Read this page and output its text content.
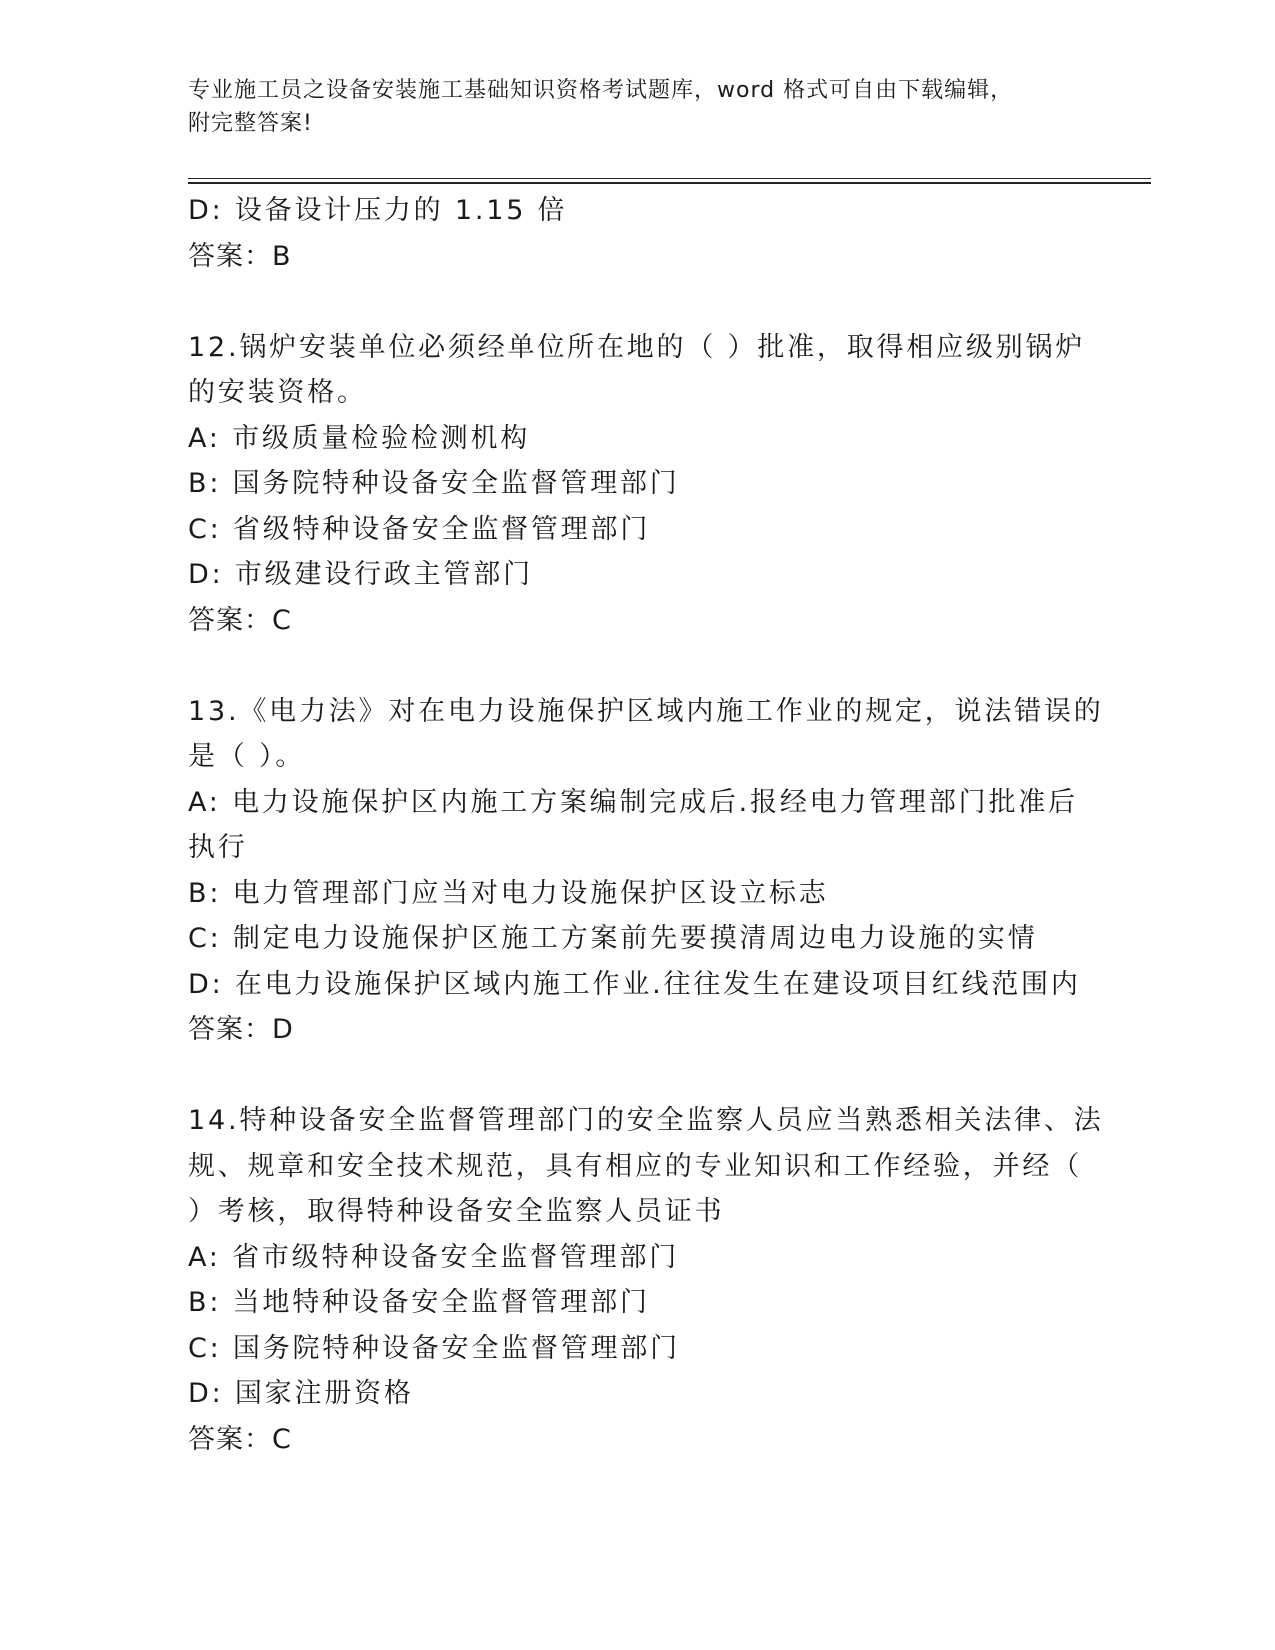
专业施工员之设备安装施工基础知识资格考试题库，word 格式可自由下载编辑，
附完整答案!
D: 设备设计压力的 1.15 倍
答案：B
12.锅炉安装单位必须经单位所在地的（ ）批准，取得相应级别锅炉
的安装资格。
A: 市级质量检验检测机构
B: 国务院特种设备安全监督管理部门
C: 省级特种设备安全监督管理部门
D: 市级建设行政主管部门
答案：C
13.《电力法》对在电力设施保护区域内施工作业的规定，说法错误的
是（ ）。
A: 电力设施保护区内施工方案编制完成后.报经电力管理部门批准后
执行
B: 电力管理部门应当对电力设施保护区设立标志
C: 制定电力设施保护区施工方案前先要摸清周边电力设施的实情
D: 在电力设施保护区域内施工作业.往往发生在建设项目红线范围内
答案：D
14.特种设备安全监督管理部门的安全监察人员应当熟悉相关法律、法
规、规章和安全技术规范，具有相应的专业知识和工作经验，并经（
）考核，取得特种设备安全监察人员证书
A: 省市级特种设备安全监督管理部门
B: 当地特种设备安全监督管理部门
C: 国务院特种设备安全监督管理部门
D: 国家注册资格
答案：C
